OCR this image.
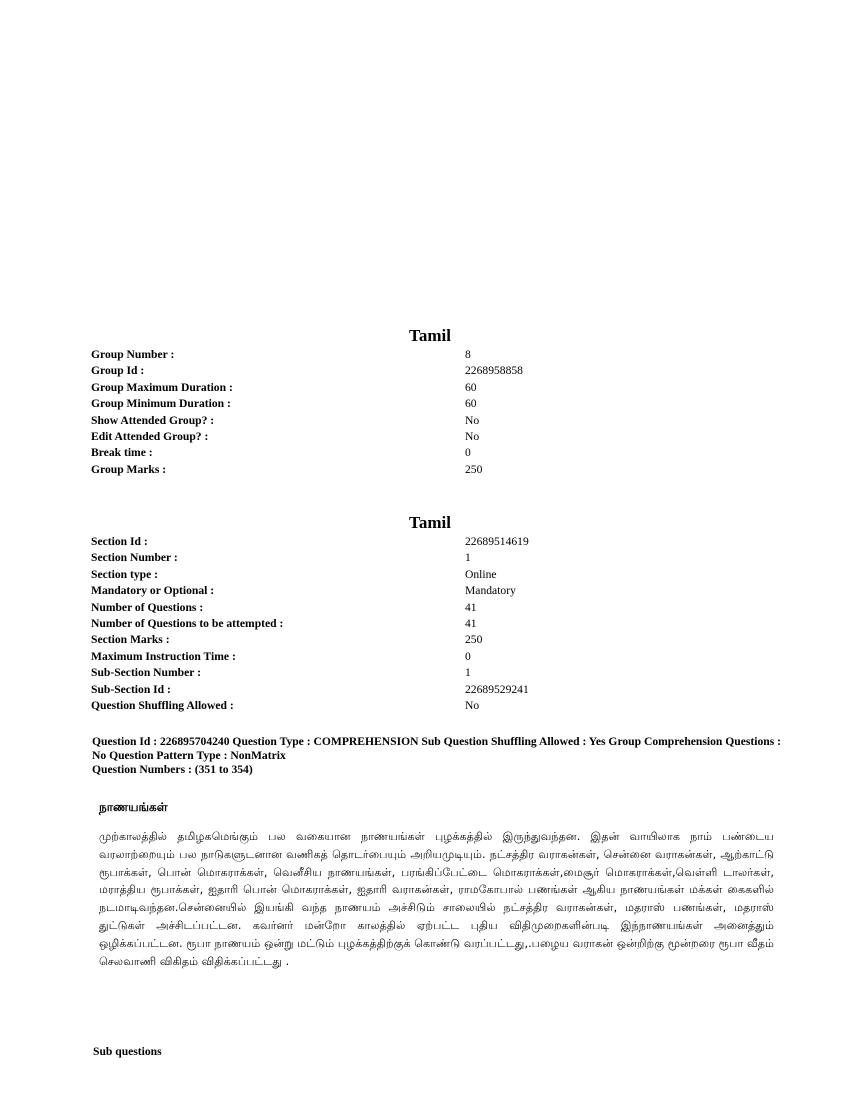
Tamil
Group Number :	8
Group Id :	2268958858
Group Maximum Duration :	60
Group Minimum Duration :	60
Show Attended Group? :	No
Edit Attended Group? :	No
Break time :	0
Group Marks :	250
Tamil
Section Id :	22689514619
Section Number :	1
Section type :	Online
Mandatory or Optional :	Mandatory
Number of Questions :	41
Number of Questions to be attempted :	41
Section Marks :	250
Maximum Instruction Time :	0
Sub-Section Number :	1
Sub-Section Id :	22689529241
Question Shuffling Allowed :	No
Question Id : 226895704240 Question Type : COMPREHENSION Sub Question Shuffling Allowed : Yes Group Comprehension Questions : No Question Pattern Type : NonMatrix
Question Numbers : (351 to 354)
நாணயங்கள்
முற்காலத்தில் தமிழகமெங்கும் பல வகையான நாணயங்கள் புழக்கத்தில் இருந்துவந்தன. இதன் வாயிலாக நாம் பண்டைய வரலாற்றையும் பல நாடுகளுடனான வணிகத் தொடர்பையும் அறியமுடியும். நட்சத்திர வராகன்கள், சென்னை வராகன்கள், ஆற்காட்டு ரூபாக்கள், பொன் மொகராக்கள், வெனீசிய நாணயங்கள், பரங்கிப்பேட்டை மொகராக்கள்,மைசூர் மொகராக்கள்,வெள்ளி டாலர்கள், மராத்திய ரூபாக்கள், ஐதாரி பொன் மொகராக்கள், ஐதாரி வராகன்கள், ராமகோபால் பணங்கள் ஆகிய நாணயங்கள் மக்கள் கைகளில் நடமாடிவந்தன.சென்னையில் இயங்கி வந்த நாணயம் அச்சிடும் சாலையில் நட்சத்திர வராகன்கள், மதராஸ் பணங்கள், மதராஸ் துட்டுகள் அச்சிடப்பட்டன. கவர்னர் மன்றோ காலத்தில் ஏற்பட்ட புதிய விதிமுறைகளின்படி இந்நாணயங்கள் அனைத்தும் ஒழிக்கப்பட்டன. ரூபா நாணயம் ஒன்று மட்டும் புழக்கத்திற்குக் கொண்டு வரப்பட்டது,.பழைய வராகன் ஒன்றிற்கு மூன்றரை ரூபா வீதம் செலவாணி விகிதம் விதிக்கப்பட்டது .
Sub questions
